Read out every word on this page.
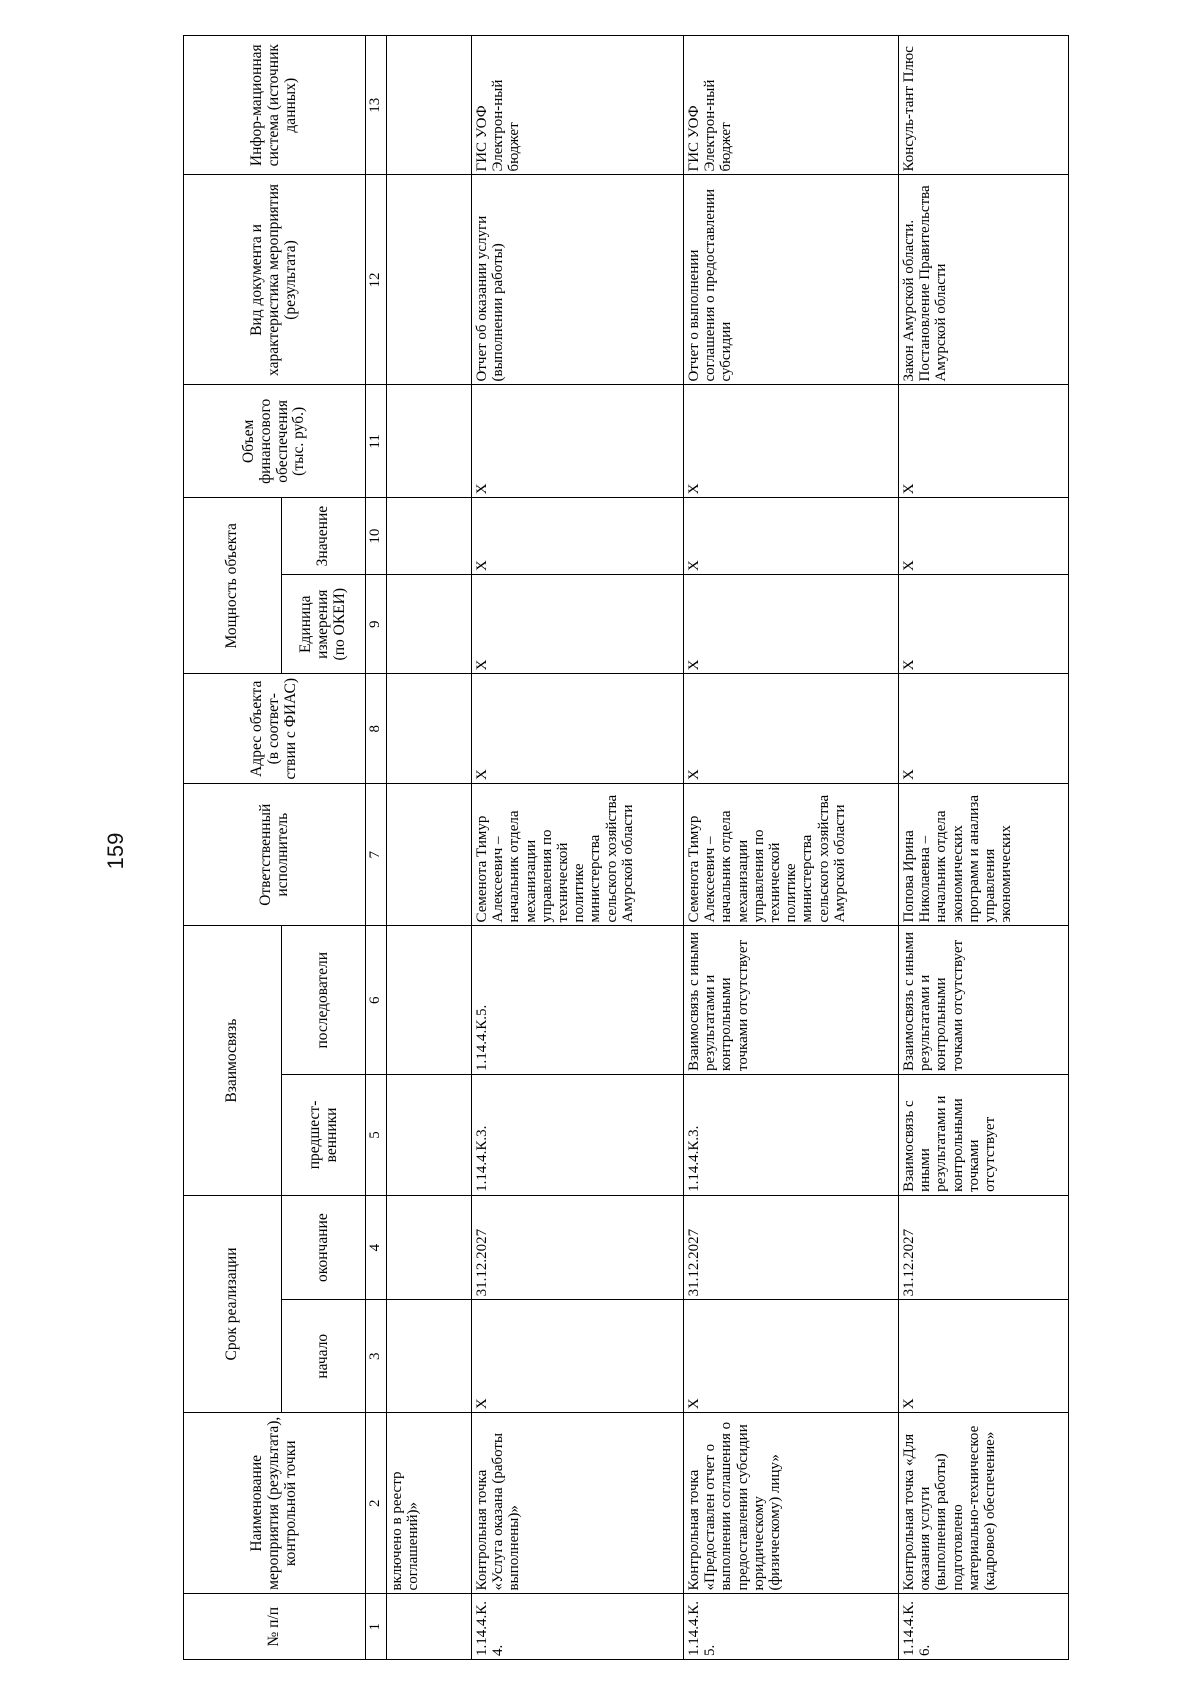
159
№ п/п	Наименование мероприятия (результата), контрольной точки	Срок реализации		Взаимосвязь		Ответственный исполнитель	Адрес объекта (в соответ-ствии с ФИАС)	Мощность объекта		Объем финансового обеспечения (тыс. руб.)	Вид документа и характеристика мероприятия (результата)	Инфор-мационная система (источник данных)
		начало	окончание	предшест-венники	последователи			Единица измерения (по ОКЕИ)	Значение			
1	2	3	4	5	6	7	8	9	10	11	12	13
	включено в реестр соглашений)»											
1.14.4.К. 4.	Контрольная точка «Услуга оказана (работы выполнены)»	X	31.12.2027	1.14.4.К.3.	1.14.4.К.5.	Семенота Тимур Алексеевич – начальник отдела механизации управления по технической политике министерства сельского хозяйства Амурской области	X	X	X	X	Отчет об оказании услуги (выполнении работы)	ГИС УОФ Электрон-ный бюджет
1.14.4.К. 5.	Контрольная точка «Предоставлен отчет о выполнении соглашения о предоставлении субсидии юридическому (физическому) лицу»	X	31.12.2027	1.14.4.К.3.	Взаимосвязь с иными результатами и контрольными точками отсутствует	Семенота Тимур Алексеевич – начальник отдела механизации управления по технической политике министерства сельского хозяйства Амурской области	X	X	X	X	Отчет о выполнении соглашения о предоставлении субсидии	ГИС УОФ Электрон-ный бюджет
1.14.4.К. 6.	Контрольная точка «Для оказания услуги (выполнения работы) подготовлено материально-техническое (кадровое) обеспечение»	X	31.12.2027	Взаимосвязь с иными результатами и контрольными точками отсутствует	Взаимосвязь с иными результатами и контрольными точками отсутствует	Попова Ирина Николаевна – начальник отдела экономических программ и анализа управления экономических	X	X	X	X	Закон Амурской области. Постановление Правительства Амурской области	Консуль-тант Плюс
